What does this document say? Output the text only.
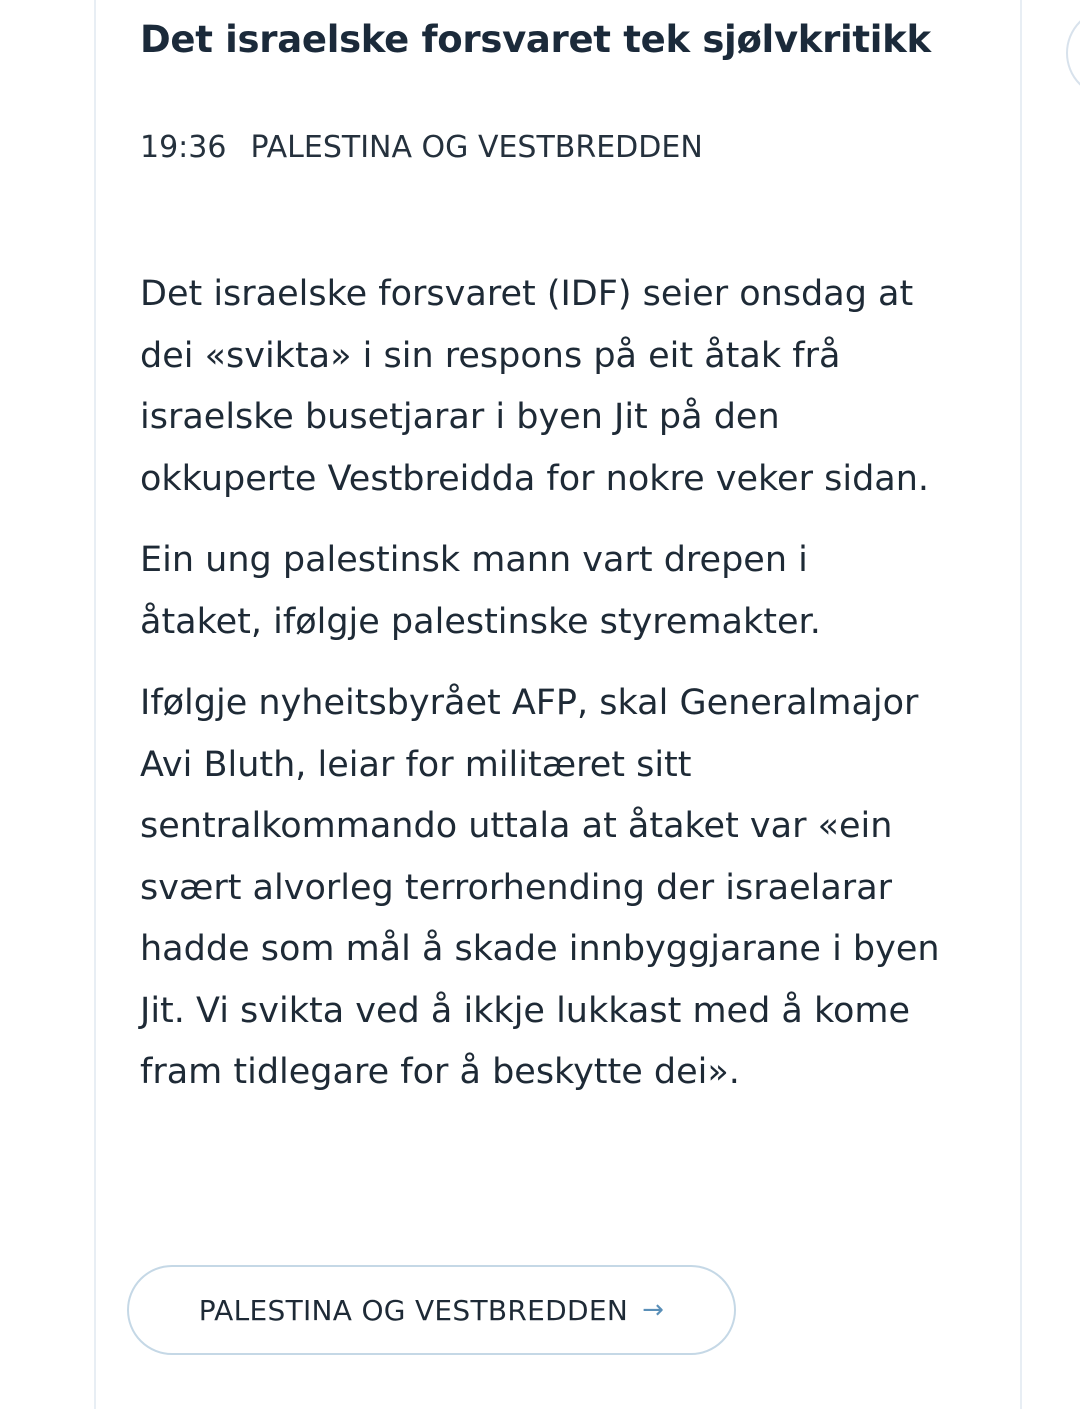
Det israelske forsvaret tek sjølvkritikk
19:36 PALESTINA OG VESTBREDDEN

Det israelske forsvaret (IDF) seier onsdag at dei «svikta» i sin respons på eit åtak frå israelske busetjarar i byen Jit på den okkuperte Vestbreidda for nokre veker sidan.

Ein ung palestinsk mann vart drepen i åtaket, ifølgje palestinske styremakter.

Ifølgje nyheitsbyrået AFP, skal Generalmajor Avi Bluth, leiar for militæret sitt sentralkommando uttala at åtaket var «ein svært alvorleg terrorhending der israelarar hadde som mål å skade innbyggjarane i byen Jit. Vi svikta ved å ikkje lukkast med å kome fram tidlegare for å beskytte dei».

PALESTINA OG VESTBREDDEN →
